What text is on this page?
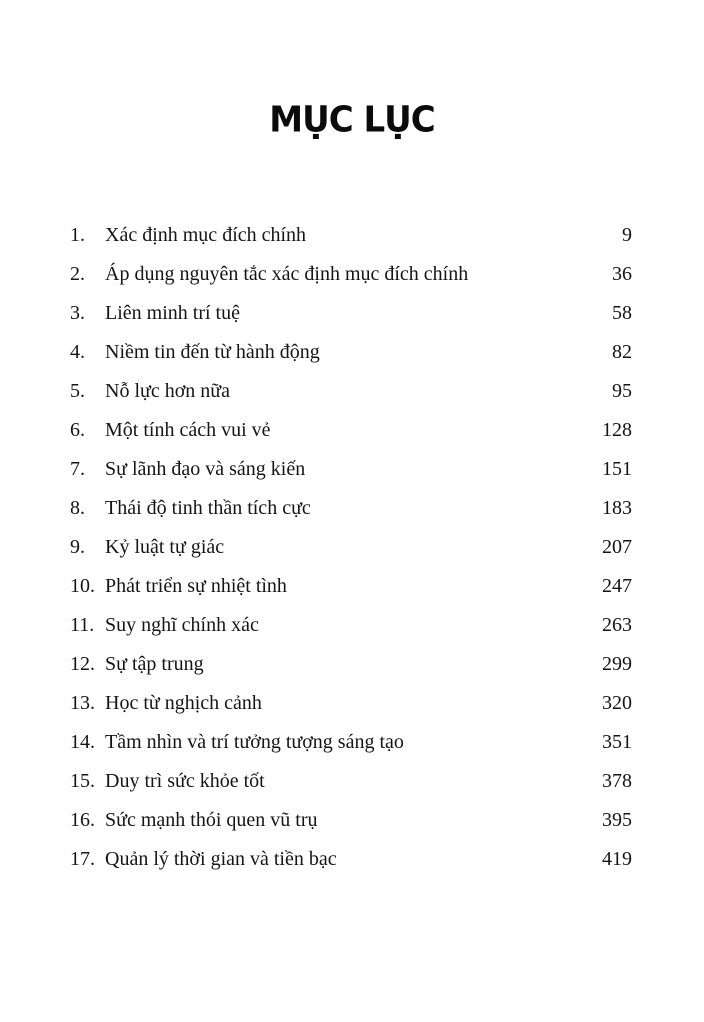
MỤC LỤC
1. Xác định mục đích chính	9
2. Áp dụng nguyên tắc xác định mục đích chính	36
3. Liên minh trí tuệ	58
4. Niềm tin đến từ hành động	82
5. Nỗ lực hơn nữa	95
6. Một tính cách vui vẻ	128
7. Sự lãnh đạo và sáng kiến	151
8. Thái độ tinh thần tích cực	183
9. Kỷ luật tự giác	207
10. Phát triển sự nhiệt tình	247
11. Suy nghĩ chính xác	263
12. Sự tập trung	299
13. Học từ nghịch cảnh	320
14. Tầm nhìn và trí tưởng tượng sáng tạo	351
15. Duy trì sức khỏe tốt	378
16. Sức mạnh thói quen vũ trụ	395
17. Quản lý thời gian và tiền bạc	419
